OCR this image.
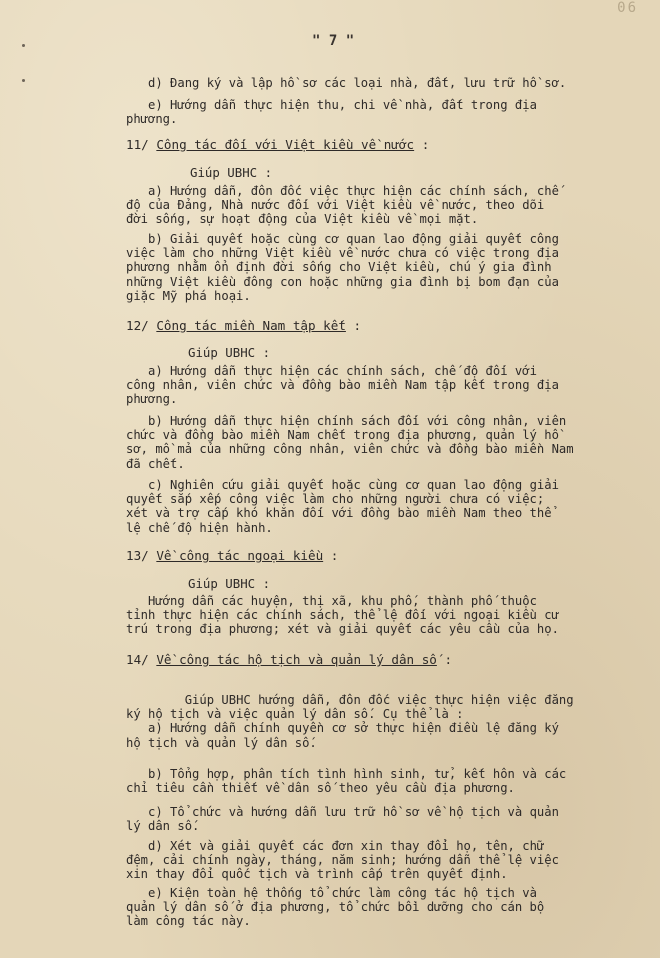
06
" 7 "
d) Đang ký và lập hồ sơ các loại nhà, đất, lưu trữ hồ sơ.
e) Hướng dẫn thực hiện thu, chi về nhà, đất trong địa
phương.
11/ Công tác đối với Việt kiều về nước :
Giúp UBHC :
a) Hướng dẫn, đôn đốc việc thực hiện các chính sách, chế
độ của Đảng, Nhà nước đối với Việt kiều về nước, theo dõi
đời sống, sự hoạt động của Việt kiều về mọi mặt.
b) Giải quyết hoặc cùng cơ quan lao động giải quyết công
việc làm cho những Việt kiều về nước chưa có việc trong địa
phương nhằm ổn định đời sống cho Việt kiều, chú ý gia đình
những Việt kiều đông con hoặc những gia đình bị bom đạn của
giặc Mỹ phá hoại.
12/ Công tác miền Nam tập kết :
Giúp UBHC :
a) Hướng dẫn thực hiện các chính sách, chế độ đối với
công nhân, viên chức và đồng bào miền Nam tập kết trong địa
phương.
b) Hướng dẫn thực hiện chính sách đối với công nhân, viên
chức và đồng bào miền Nam chết trong địa phương, quản lý hồ
sơ, mồ mả của những công nhân, viên chức và đồng bào miền Nam
đã chết.
c) Nghiên cứu giải quyết hoặc cùng cơ quan lao động giải
quyết sắp xếp công việc làm cho những người chưa có việc;
xét và trợ cấp khó khăn đối với đồng bào miền Nam theo thể
lệ chế độ hiện hành.
13/ Về công tác ngoại kiều :
Giúp UBHC :
Hướng dẫn các huyện, thị xã, khu phố, thành phố thuộc
tỉnh thực hiện các chính sách, thể lệ đối với ngoại kiều cư
trú trong địa phương; xét và giải quyết các yêu cầu của họ.
14/ Về công tác hộ tịch và quản lý dân số :
Giúp UBHC hướng dẫn, đôn đốc việc thực hiện việc đăng
ký hộ tịch và việc quản lý dân số. Cụ thể là :
a) Hướng dẫn chính quyền cơ sở thực hiện điều lệ đăng ký
hộ tịch và quản lý dân số.
b) Tổng hợp, phân tích tình hình sinh, tử, kết hôn và các
chỉ tiêu cần thiết về dân số theo yêu cầu địa phương.
c) Tổ chức và hướng dẫn lưu trữ hồ sơ về hộ tịch và quản
lý dân số.
d) Xét và giải quyết các đơn xin thay đổi họ, tên, chữ
đệm, cải chính ngày, tháng, năm sinh; hướng dẫn thể lệ việc
xin thay đổi quốc tịch và trình cấp trên quyết định.
e) Kiện toàn hệ thống tổ chức làm công tác hộ tịch và
quản lý dân số ở địa phương, tổ chức bồi dưỡng cho cán bộ
làm công tác này.
